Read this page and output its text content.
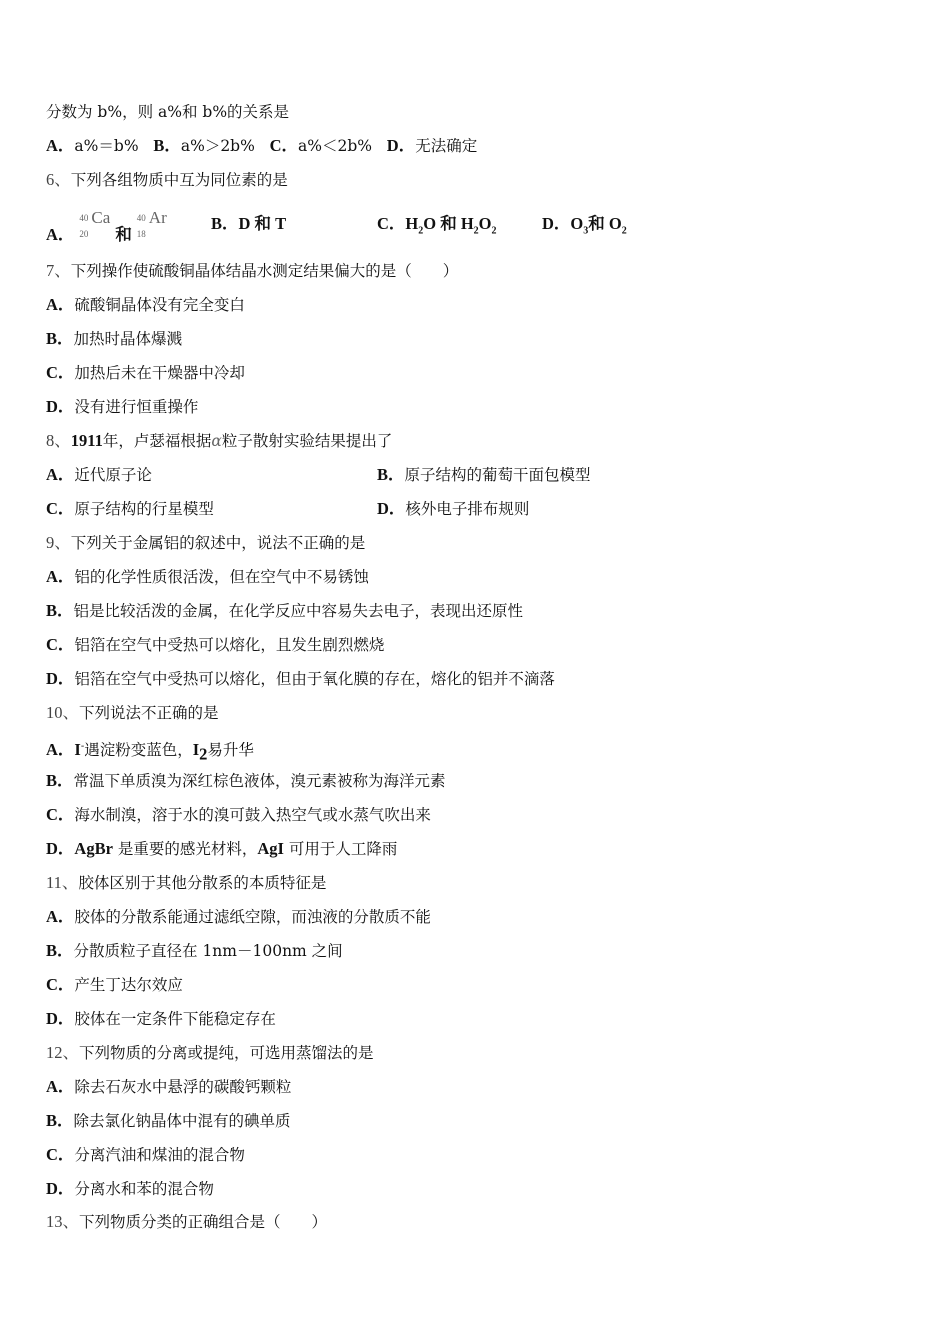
分数为 b%，则 a%和 b%的关系是
A．a%＝b% B．a%＞2b% C．a%＜2b% D．无法确定
6、下列各组物质中互为同位素的是
A．
40
20
Ca
和
40
18
Ar	B．D 和 T	C．$H_2O$ 和 $H_2O_2$	D．$O_3$和 $O_2$
7、下列操作使硫酸铜晶体结晶水测定结果偏大的是（　　）
A．硫酸铜晶体没有完全变白
B．加热时晶体爆溅
C．加热后未在干燥器中冷却
D．没有进行恒重操作
8、1911年，卢瑟福根据α粒子散射实验结果提出了
A．近代原子论	B．原子结构的葡萄干面包模型
C．原子结构的行星模型	D．核外电子排布规则
9、下列关于金属铝的叙述中，说法不正确的是
A．铝的化学性质很活泼，但在空气中不易锈蚀
B．铝是比较活泼的金属，在化学反应中容易失去电子，表现出还原性
C．铝箔在空气中受热可以熔化，且发生剧烈燃烧
D．铝箔在空气中受热可以熔化，但由于氧化膜的存在，熔化的铝并不滴落
10、下列说法不正确的是
A．I-遇淀粉变蓝色，$I_2$易升华
B．常温下单质溴为深红棕色液体，溴元素被称为海洋元素
C．海水制溴，溶于水的溴可鼓入热空气或水蒸气吹出来
D．AgBr 是重要的感光材料，AgI 可用于人工降雨
11、胶体区别于其他分散系的本质特征是
A．胶体的分散系能通过滤纸空隙，而浊液的分散质不能
B．分散质粒子直径在 1nm－100nm 之间
C．产生丁达尔效应
D．胶体在一定条件下能稳定存在
12、下列物质的分离或提纯，可选用蒸馏法的是
A．除去石灰水中悬浮的碳酸钙颗粒
B．除去氯化钠晶体中混有的碘单质
C．分离汽油和煤油的混合物
D．分离水和苯的混合物
13、下列物质分类的正确组合是（　　）
